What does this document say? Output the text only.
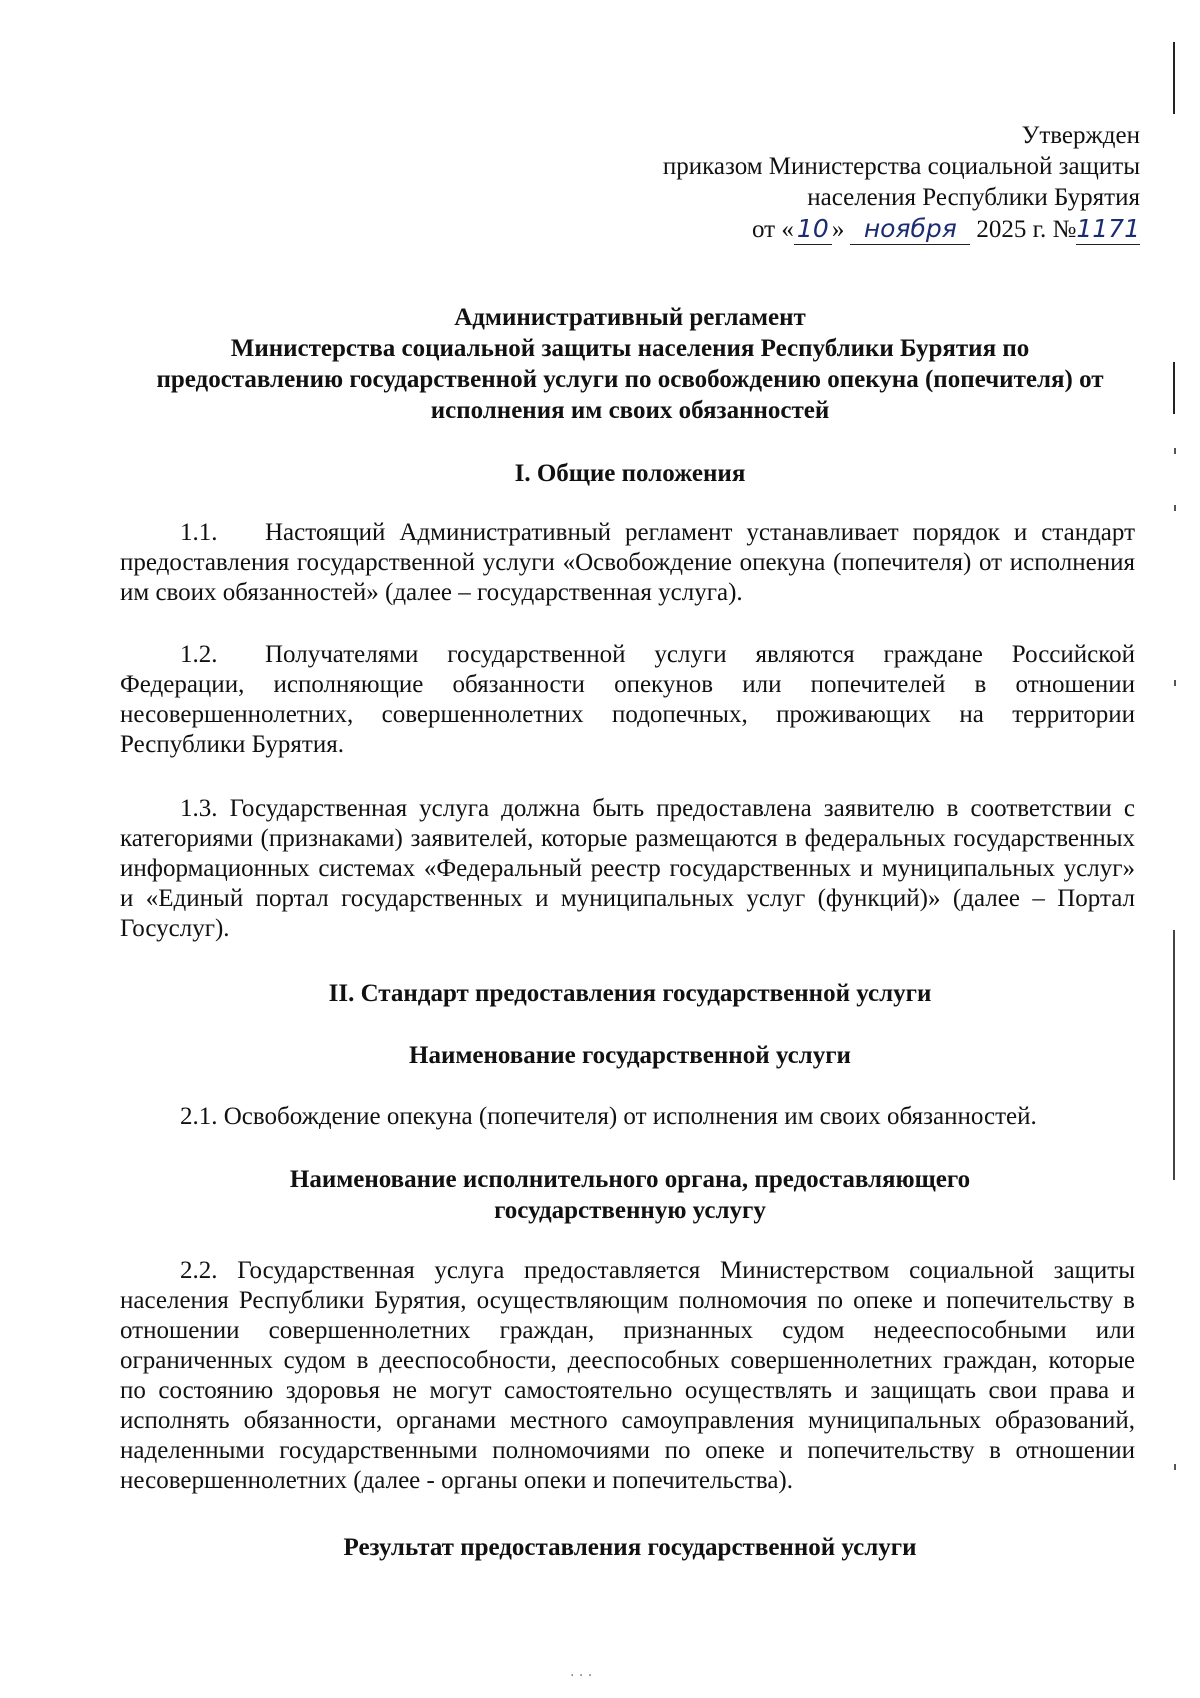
Утвержден
приказом Министерства социальной защиты
населения Республики Бурятия
от « 10 » ноября 2025 г. №1171
Административный регламент
Министерства социальной защиты населения Республики Бурятия по
предоставлению государственной услуги по освобождению опекуна (попечителя) от
исполнения им своих обязанностей
I. Общие положения
1.1. Настоящий Административный регламент устанавливает порядок и стандарт предоставления государственной услуги «Освобождение опекуна (попечителя) от исполнения им своих обязанностей» (далее – государственная услуга).
1.2. Получателями государственной услуги являются граждане Российской Федерации, исполняющие обязанности опекунов или попечителей в отношении несовершеннолетних, совершеннолетних подопечных, проживающих на территории Республики Бурятия.
1.3. Государственная услуга должна быть предоставлена заявителю в соответствии с категориями (признаками) заявителей, которые размещаются в федеральных государственных информационных системах «Федеральный реестр государственных и муниципальных услуг» и «Единый портал государственных и муниципальных услуг (функций)» (далее – Портал Госуслуг).
II. Стандарт предоставления государственной услуги
Наименование государственной услуги
2.1. Освобождение опекуна (попечителя) от исполнения им своих обязанностей.
Наименование исполнительного органа, предоставляющего
государственную услугу
2.2. Государственная услуга предоставляется Министерством социальной защиты населения Республики Бурятия, осуществляющим полномочия по опеке и попечительству в отношении совершеннолетних граждан, признанных судом недееспособными или ограниченных судом в дееспособности, дееспособных совершеннолетних граждан, которые по состоянию здоровья не могут самостоятельно осуществлять и защищать свои права и исполнять обязанности, органами местного самоуправления муниципальных образований, наделенными государственными полномочиями по опеке и попечительству в отношении несовершеннолетних (далее - органы опеки и попечительства).
Результат предоставления государственной услуги
· · ·
